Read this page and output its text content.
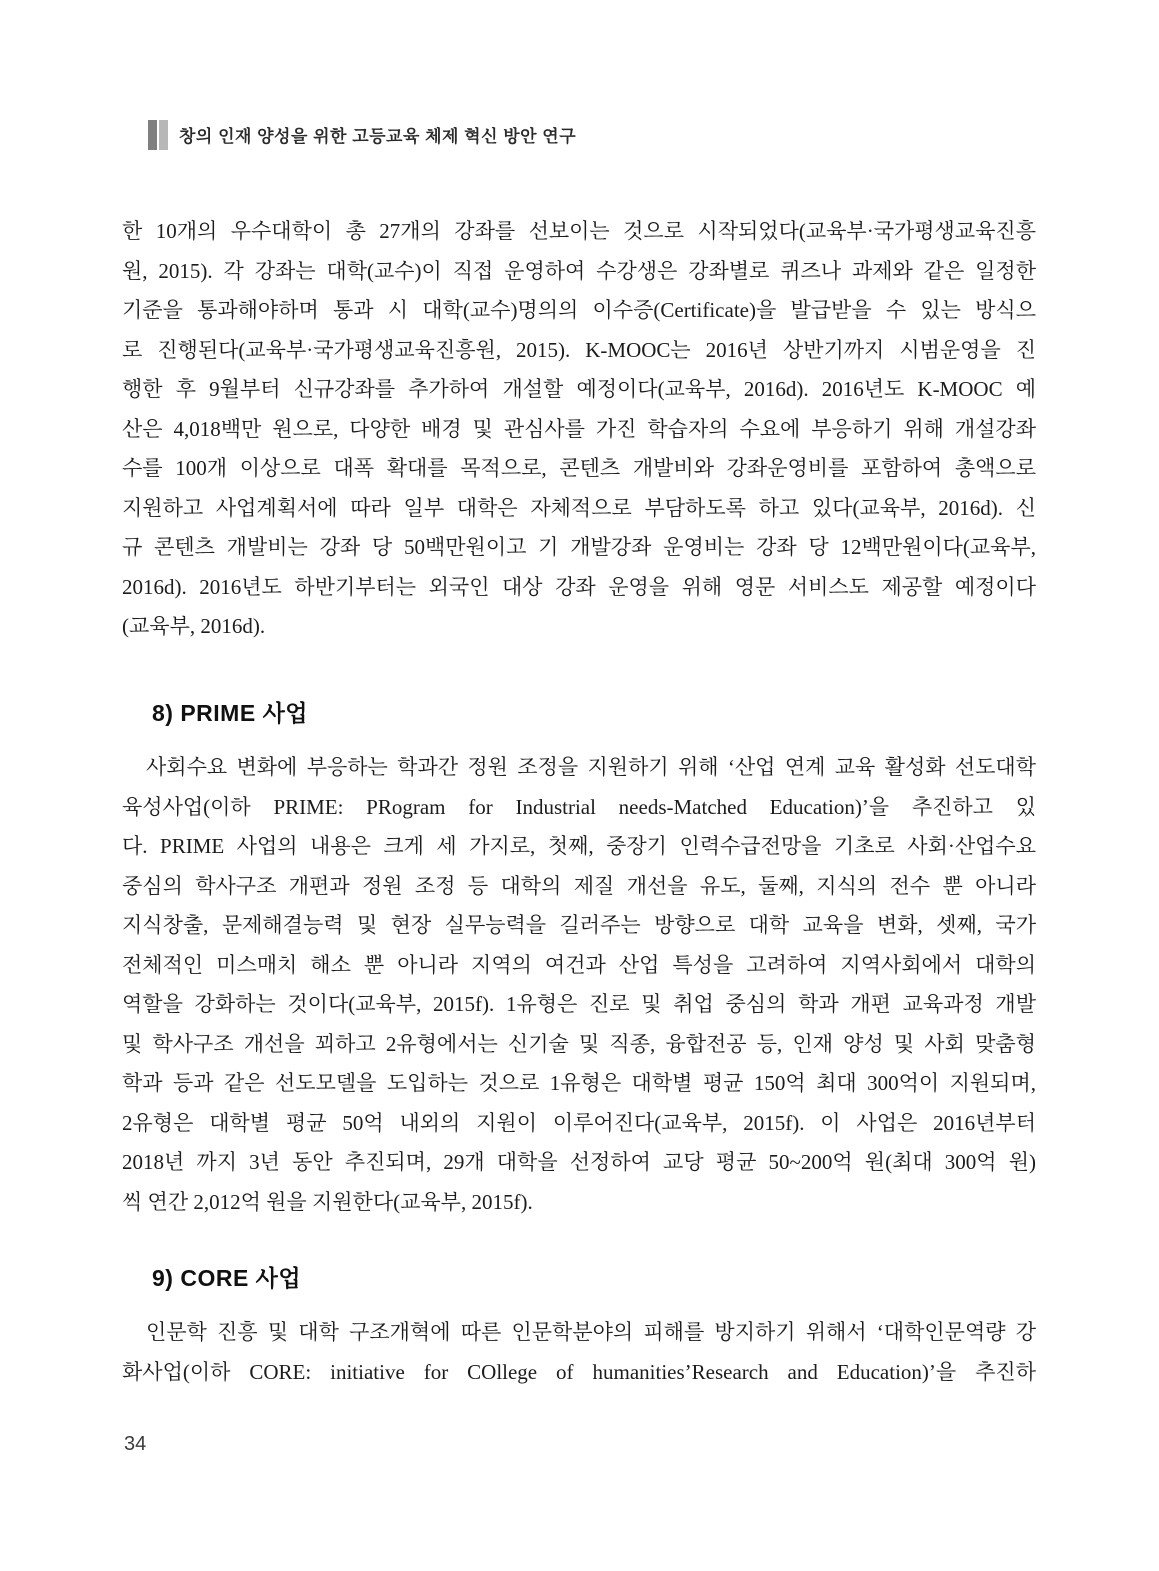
창의 인재 양성을 위한 고등교육 체제 혁신 방안 연구
한 10개의 우수대학이 총 27개의 강좌를 선보이는 것으로 시작되었다(교육부·국가평생교육진흥
원, 2015). 각 강좌는 대학(교수)이 직접 운영하여 수강생은 강좌별로 퀴즈나 과제와 같은 일정한
기준을 통과해야하며 통과 시 대학(교수)명의의 이수증(Certificate)을 발급받을 수 있는 방식으
로 진행된다(교육부·국가평생교육진흥원, 2015). K-MOOC는 2016년 상반기까지 시범운영을 진
행한 후 9월부터 신규강좌를 추가하여 개설할 예정이다(교육부, 2016d). 2016년도 K-MOOC 예
산은 4,018백만 원으로, 다양한 배경 및 관심사를 가진 학습자의 수요에 부응하기 위해 개설강좌
수를 100개 이상으로 대폭 확대를 목적으로, 콘텐츠 개발비와 강좌운영비를 포함하여 총액으로
지원하고 사업계획서에 따라 일부 대학은 자체적으로 부담하도록 하고 있다(교육부, 2016d). 신
규 콘텐츠 개발비는 강좌 당 50백만원이고 기 개발강좌 운영비는 강좌 당 12백만원이다(교육부,
2016d). 2016년도 하반기부터는 외국인 대상 강좌 운영을 위해 영문 서비스도 제공할 예정이다
(교육부, 2016d).
8) PRIME 사업
사회수요 변화에 부응하는 학과간 정원 조정을 지원하기 위해 ‘산업 연계 교육 활성화 선도대학
육성사업(이하 PRIME: PRogram for Industrial needs-Matched Education)’을 추진하고 있
다. PRIME 사업의 내용은 크게 세 가지로, 첫째, 중장기 인력수급전망을 기초로 사회·산업수요
중심의 학사구조 개편과 정원 조정 등 대학의 제질 개선을 유도, 둘째, 지식의 전수 뿐 아니라
지식창출, 문제해결능력 및 현장 실무능력을 길러주는 방향으로 대학 교육을 변화, 셋째, 국가
전체적인 미스매치 해소 뿐 아니라 지역의 여건과 산업 특성을 고려하여 지역사회에서 대학의
역할을 강화하는 것이다(교육부, 2015f). 1유형은 진로 및 취업 중심의 학과 개편 교육과정 개발
및 학사구조 개선을 꾀하고 2유형에서는 신기술 및 직종, 융합전공 등, 인재 양성 및 사회 맞춤형
학과 등과 같은 선도모델을 도입하는 것으로 1유형은 대학별 평균 150억 최대 300억이 지원되며,
2유형은 대학별 평균 50억 내외의 지원이 이루어진다(교육부, 2015f). 이 사업은 2016년부터
2018년 까지 3년 동안 추진되며, 29개 대학을 선정하여 교당 평균 50~200억 원(최대 300억 원)
씩 연간 2,012억 원을 지원한다(교육부, 2015f).
9) CORE 사업
인문학 진흥 및 대학 구조개혁에 따른 인문학분야의 피해를 방지하기 위해서 ‘대학인문역량 강
화사업(이하 CORE: initiative for COllege of humanities’Research and Education)’을 추진하
34
